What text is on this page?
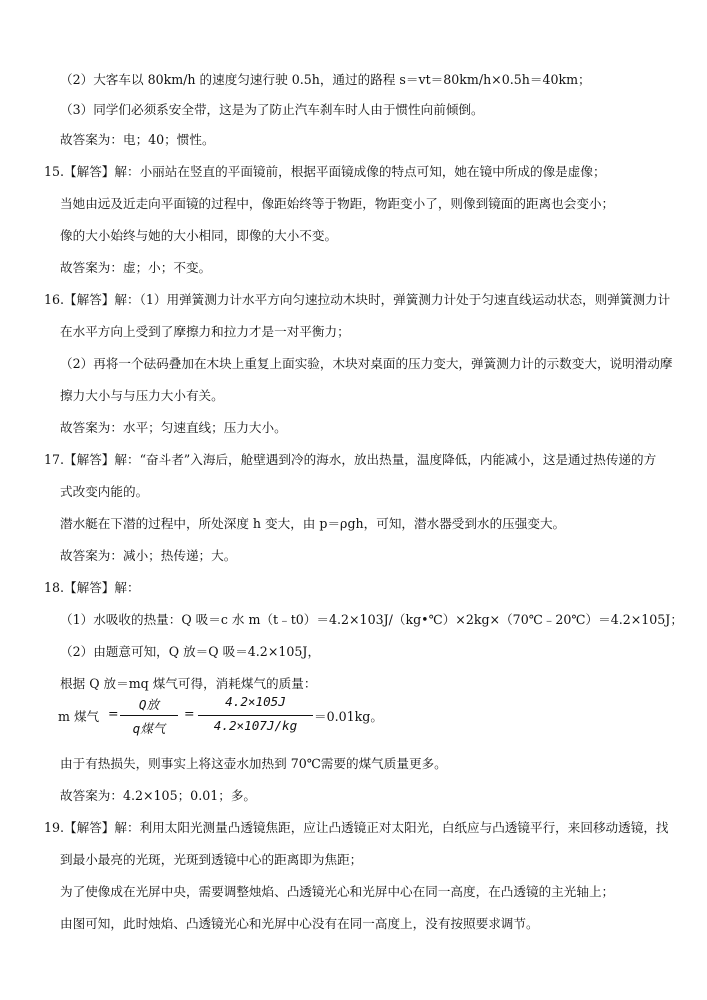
（2）大客车以 80km/h 的速度匀速行驶 0.5h，通过的路程 s＝vt＝80km/h×0.5h＝40km；
（3）同学们必须系安全带，这是为了防止汽车刹车时人由于惯性向前倾倒。
故答案为：电；40；惯性。
15.【解答】解：小丽站在竖直的平面镜前，根据平面镜成像的特点可知，她在镜中所成的像是虚像；
当她由远及近走向平面镜的过程中，像距始终等于物距，物距变小了，则像到镜面的距离也会变小；
像的大小始终与她的大小相同，即像的大小不变。
故答案为：虚；小；不变。
16.【解答】解：（1）用弹簧测力计水平方向匀速拉动木块时，弹簧测力计处于匀速直线运动状态，则弹簧测力计
在水平方向上受到了摩擦力和拉力才是一对平衡力；
（2）再将一个砝码叠加在木块上重复上面实验，木块对桌面的压力变大，弹簧测力计的示数变大，说明滑动摩
擦力大小与与压力大小有关。
故答案为：水平；匀速直线；压力大小。
17.【解答】解：“奋斗者”入海后，舱壁遇到冷的海水，放出热量，温度降低，内能减小，这是通过热传递的方
式改变内能的。
潜水艇在下潜的过程中，所处深度 h 变大，由 p＝ρgh，可知，潜水器受到水的压强变大。
故答案为：减小；热传递；大。
18.【解答】解：
（1）水吸收的热量：Q 吸＝c 水 m（t﹣t0）＝4.2×103J/（kg•℃）×2kg×（70℃﹣20℃）＝4.2×105J；
（2）由题意可知，Q 放＝Q 吸＝4.2×105J，
根据 Q 放＝mq 煤气可得，消耗煤气的质量：
m 煤气 =
Q放
q煤气
=
4.2×105J
4.2×107J/kg
＝0.01kg。
由于有热损失，则事实上将这壶水加热到 70℃需要的煤气质量更多。
故答案为：4.2×105；0.01；多。
19.【解答】解：利用太阳光测量凸透镜焦距，应让凸透镜正对太阳光，白纸应与凸透镜平行，来回移动透镜，找
到最小最亮的光斑，光斑到透镜中心的距离即为焦距；
为了使像成在光屏中央，需要调整烛焰、凸透镜光心和光屏中心在同一高度，在凸透镜的主光轴上；
由图可知，此时烛焰、凸透镜光心和光屏中心没有在同一高度上，没有按照要求调节。
